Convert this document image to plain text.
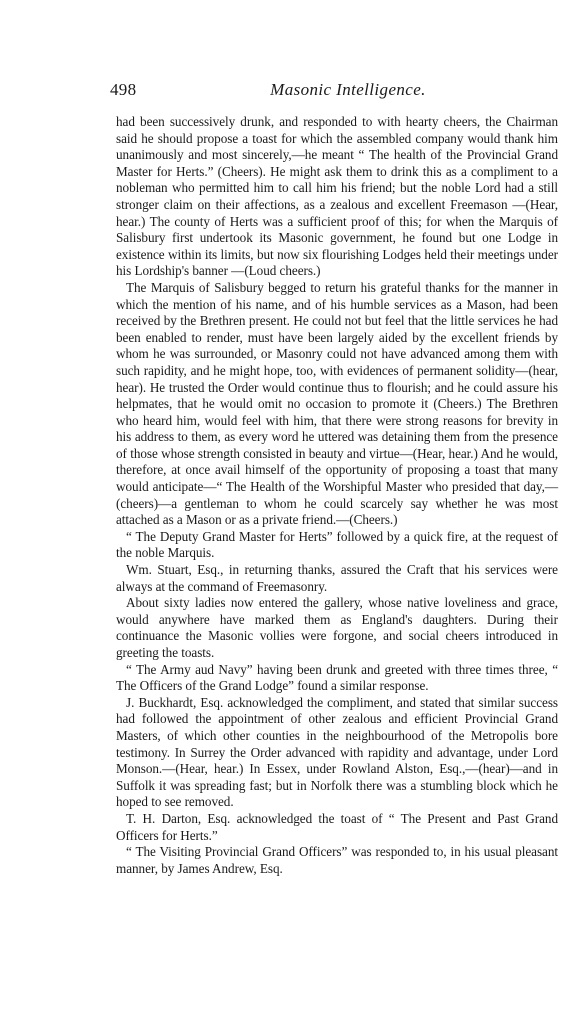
498	Masonic Intelligence.

had been successively drunk, and responded to with hearty cheers, the Chairman said he should propose a toast for which the assembled company would thank him unanimously and most sincerely,—he meant “ The health of the Provincial Grand Master for Herts.” (Cheers). He might ask them to drink this as a compliment to a nobleman who permitted him to call him his friend; but the noble Lord had a still stronger claim on their affections, as a zealous and excellent Freemason —(Hear, hear.) The county of Herts was a sufficient proof of this; for when the Marquis of Salisbury first undertook its Masonic government, he found but one Lodge in existence within its limits, but now six flourishing Lodges held their meetings under his Lordship's banner —(Loud cheers.)

The Marquis of Salisbury begged to return his grateful thanks for the manner in which the mention of his name, and of his humble services as a Mason, had been received by the Brethren present. He could not but feel that the little services he had been enabled to render, must have been largely aided by the excellent friends by whom he was surrounded, or Masonry could not have advanced among them with such rapidity, and he might hope, too, with evidences of permanent solidity—(hear, hear). He trusted the Order would continue thus to flourish; and he could assure his helpmates, that he would omit no occasion to promote it (Cheers.) The Brethren who heard him, would feel with him, that there were strong reasons for brevity in his address to them, as every word he uttered was detaining them from the presence of those whose strength consisted in beauty and virtue—(Hear, hear.) And he would, therefore, at once avail himself of the opportunity of proposing a toast that many would anticipate—“ The Health of the Worshipful Master who presided that day,—(cheers)—a gentleman to whom he could scarcely say whether he was most attached as a Mason or as a private friend.—(Cheers.)

“ The Deputy Grand Master for Herts” followed by a quick fire, at the request of the noble Marquis.

Wm. Stuart, Esq., in returning thanks, assured the Craft that his services were always at the command of Freemasonry.

About sixty ladies now entered the gallery, whose native loveliness and grace, would anywhere have marked them as England's daughters. During their continuance the Masonic vollies were forgone, and social cheers introduced in greeting the toasts.

“ The Army aud Navy” having been drunk and greeted with three times three, “ The Officers of the Grand Lodge” found a similar response.

J. Buckhardt, Esq. acknowledged the compliment, and stated that similar success had followed the appointment of other zealous and efficient Provincial Grand Masters, of which other counties in the neighbourhood of the Metropolis bore testimony. In Surrey the Order advanced with rapidity and advantage, under Lord Monson.—(Hear, hear.) In Essex, under Rowland Alston, Esq.,—(hear)—and in Suffolk it was spreading fast; but in Norfolk there was a stumbling block which he hoped to see removed.

T. H. Darton, Esq. acknowledged the toast of “ The Present and Past Grand Officers for Herts.”

“ The Visiting Provincial Grand Officers” was responded to, in his usual pleasant manner, by James Andrew, Esq.
